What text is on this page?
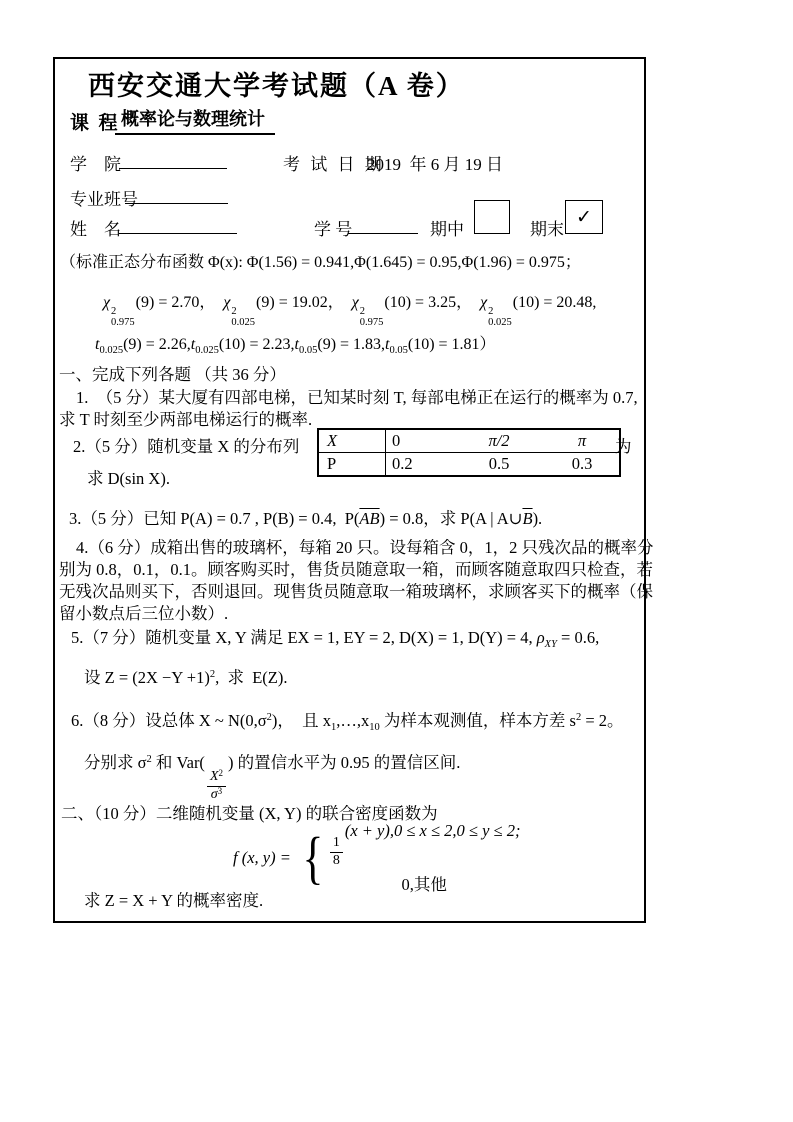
西安交通大学考试题（A 卷）
课  程 概率论与数理统计
学    院	考 试 日 期
2019  年 6 月 19 日
专业班号
姓    名	学 号	期中	期末
✓
（标准正态分布函数 Φ(x): Φ(1.56) = 0.941,Φ(1.645) = 0.95,Φ(1.96) = 0.975；
χ
2
0.975
(9) = 2.70，  χ
2
0.025
(9) = 19.02，  χ
2
0.975
(10) = 3.25，  χ
2
0.025
(10) = 20.48,

$t_{0.025}(9) = 2.26,t_{0.025}(10) = 2.23,t_{0.05}(9) = 1.83,t_{0.05}(10) = 1.81$）

一、完成下列各题 （共 36 分）
1.  （5 分）某大厦有四部电梯，已知某时刻 T, 每部电梯正在运行的概率为 0.7,
求 T 时刻至少两部电梯运行的概率.
2.（5 分）随机变量 X 的分布列 X	0	π/2	π
P	0.2	0.5	0.3
为
求 D(sin X).
3.（5 分）已知 P(A) = 0.7 , P(B) = 0.4,  $P(\overline{AB}) = 0.8$，求 P(A | $A\cup\overline{B}$).

4.（6 分）成箱出售的玻璃杯，每箱 20 只。设每箱含 0，1，2 只残次品的概率分
别为 0.8，0.1，0.1。顾客购买时，售货员随意取一箱，而顾客随意取四只检查，若
无残次品则买下，否则退回。现售货员随意取一箱玻璃杯，求顾客买下的概率（保
留小数点后三位小数）.
5.（7 分）随机变量 X, Y 满足 EX = 1, EY = 2, D(X) = 1, D(Y) = 4, $\rho_{XY} = 0.6$,

设 $Z = (2X -Y +1)^2$,  求  E(Z).

6.（8 分）设总体 X ~ $N(0,\sigma^2)$，  且 $x_1,\dots,x_{10}$ 为样本观测值，样本方差 $s^2 = 2$。

分别求 $\sigma^2$ 和 Var(
$\frac{X^2}{\sigma^3}$
) 的置信水平为 0.95 的置信区间.

二、（10 分）二维随机变量 (X, Y) 的联合密度函数为
f (x, y) = { $\frac{1}{8}$
(x + y),0 ≤ x ≤ 2,0 ≤ y ≤ 2;
0,其他
求 Z = X + Y 的概率密度.
